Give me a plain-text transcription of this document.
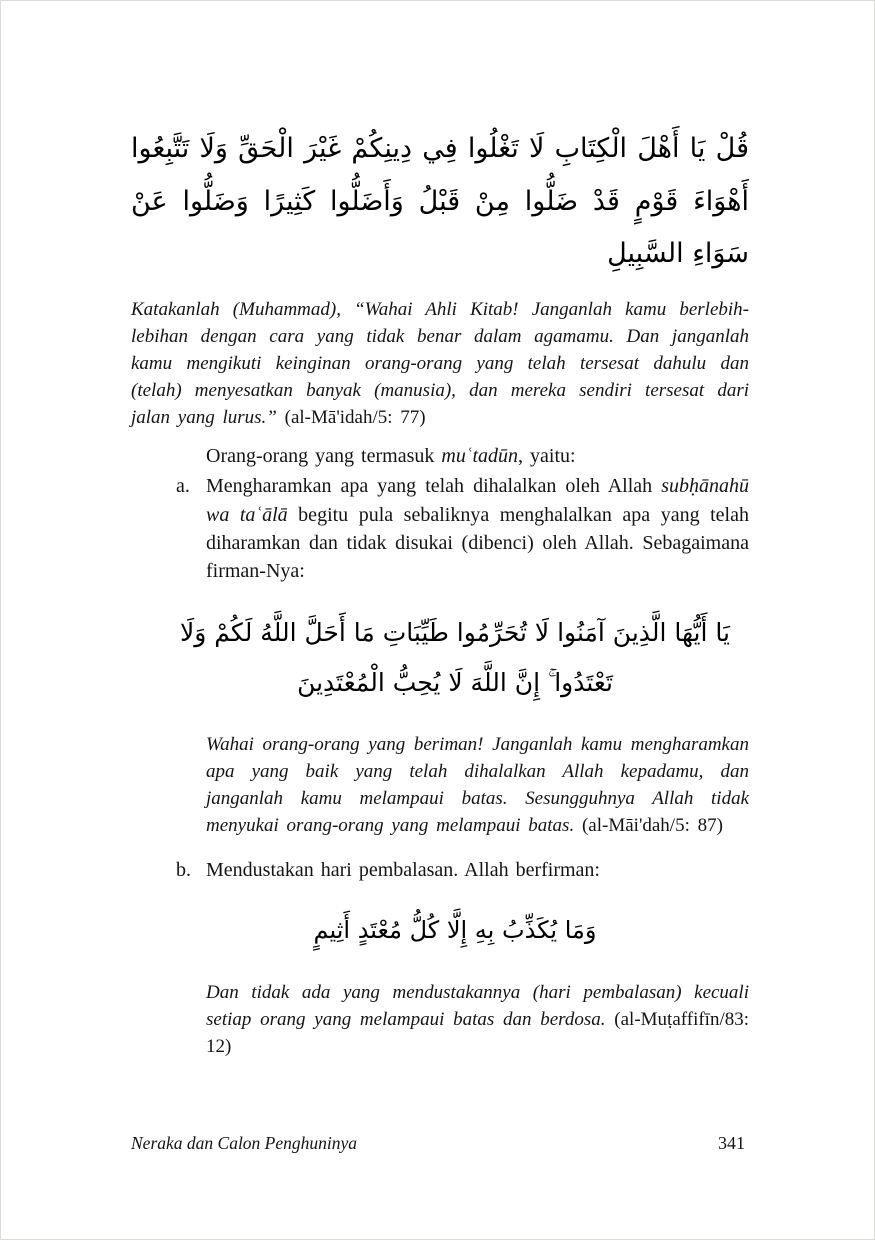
قُلْ يَا أَهْلَ الْكِتَابِ لَا تَغْلُوا فِي دِينِكُمْ غَيْرَ الْحَقِّ وَلَا تَتَّبِعُوا أَهْوَاءَ قَوْمٍ قَدْ ضَلُّوا مِنْ قَبْلُ وَأَضَلُّوا كَثِيرًا وَضَلُّوا عَنْ سَوَاءِ السَّبِيلِ

Katakanlah (Muhammad), “Wahai Ahli Kitab! Janganlah kamu berlebih-lebihan dengan cara yang tidak benar dalam agamamu. Dan janganlah kamu mengikuti keinginan orang-orang yang telah tersesat dahulu dan (telah) menyesatkan banyak (manusia), dan mereka sendiri tersesat dari jalan yang lurus.” (al-Mā'idah/5: 77)

Orang-orang yang termasuk muʿtadūn, yaitu:

a. Mengharamkan apa yang telah dihalalkan oleh Allah subḥānahū wa taʿālā begitu pula sebaliknya menghalalkan apa yang telah diharamkan dan tidak disukai (dibenci) oleh Allah. Sebagaimana firman-Nya:
يَا أَيُّهَا الَّذِينَ آمَنُوا لَا تُحَرِّمُوا طَيِّبَاتِ مَا أَحَلَّ اللَّهُ لَكُمْ وَلَا تَعْتَدُوا ۚ إِنَّ اللَّهَ لَا يُحِبُّ الْمُعْتَدِينَ

Wahai orang-orang yang beriman! Janganlah kamu mengharamkan apa yang baik yang telah dihalalkan Allah kepadamu, dan janganlah kamu melampaui batas. Sesungguhnya Allah tidak menyukai orang-orang yang melampaui batas. (al-Māi'dah/5: 87)

b. Mendustakan hari pembalasan. Allah berfirman:
وَمَا يُكَذِّبُ بِهِ إِلَّا كُلُّ مُعْتَدٍ أَثِيمٍ

Dan tidak ada yang mendustakannya (hari pembalasan) kecuali setiap orang yang melampaui batas dan berdosa. (al-Muṭaffifīn/83: 12)

Neraka dan Calon Penghuninya	341
